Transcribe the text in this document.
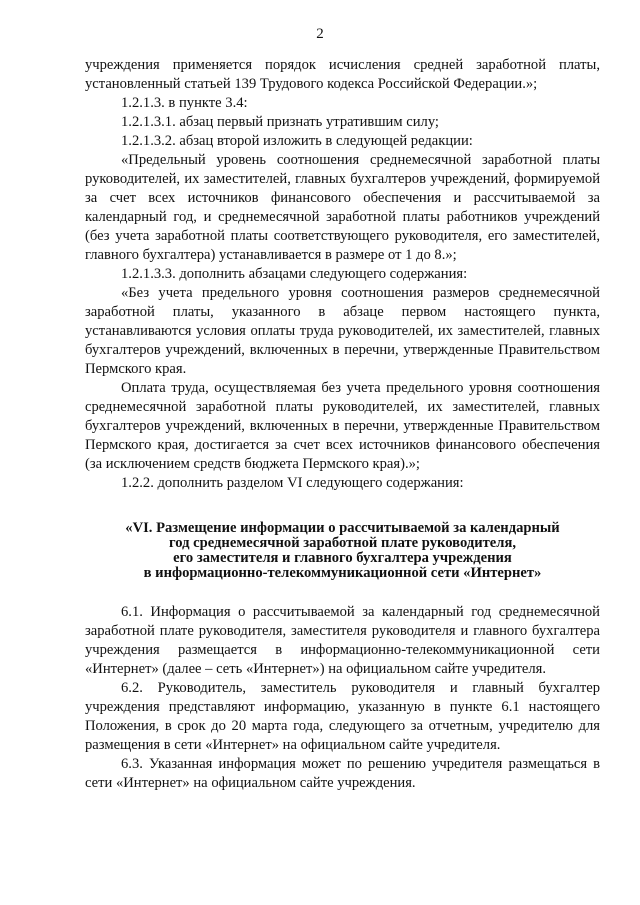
2

учреждения применяется порядок исчисления средней заработной платы, установленный статьей 139 Трудового кодекса Российской Федерации.»;

1.2.1.3. в пункте 3.4:

1.2.1.3.1. абзац первый признать утратившим силу;

1.2.1.3.2. абзац второй изложить в следующей редакции:

«Предельный уровень соотношения среднемесячной заработной платы руководителей, их заместителей, главных бухгалтеров учреждений, формируемой за счет всех источников финансового обеспечения и рассчитываемой за календарный год, и среднемесячной заработной платы работников учреждений (без учета заработной платы соответствующего руководителя, его заместителей, главного бухгалтера) устанавливается в размере от 1 до 8.»;

1.2.1.3.3. дополнить абзацами следующего содержания:

«Без учета предельного уровня соотношения размеров среднемесячной заработной платы, указанного в абзаце первом настоящего пункта, устанавливаются условия оплаты труда руководителей, их заместителей, главных бухгалтеров учреждений, включенных в перечни, утвержденные Правительством Пермского края.

Оплата труда, осуществляемая без учета предельного уровня соотношения среднемесячной заработной платы руководителей, их заместителей, главных бухгалтеров учреждений, включенных в перечни, утвержденные Правительством Пермского края, достигается за счет всех источников финансового обеспечения (за исключением средств бюджета Пермского края).»;

1.2.2. дополнить разделом VI следующего содержания:

«VI. Размещение информации о рассчитываемой за календарный
год среднемесячной заработной плате руководителя,
его заместителя и главного бухгалтера учреждения
в информационно-телекоммуникационной сети «Интернет»

6.1. Информация о рассчитываемой за календарный год среднемесячной заработной плате руководителя, заместителя руководителя и главного бухгалтера учреждения размещается в информационно-телекоммуникационной сети «Интернет» (далее – сеть «Интернет») на официальном сайте учредителя.

6.2. Руководитель, заместитель руководителя и главный бухгалтер учреждения представляют информацию, указанную в пункте 6.1 настоящего Положения, в срок до 20 марта года, следующего за отчетным, учредителю для размещения в сети «Интернет» на официальном сайте учредителя.

6.3. Указанная информация может по решению учредителя размещаться в сети «Интернет» на официальном сайте учреждения.
